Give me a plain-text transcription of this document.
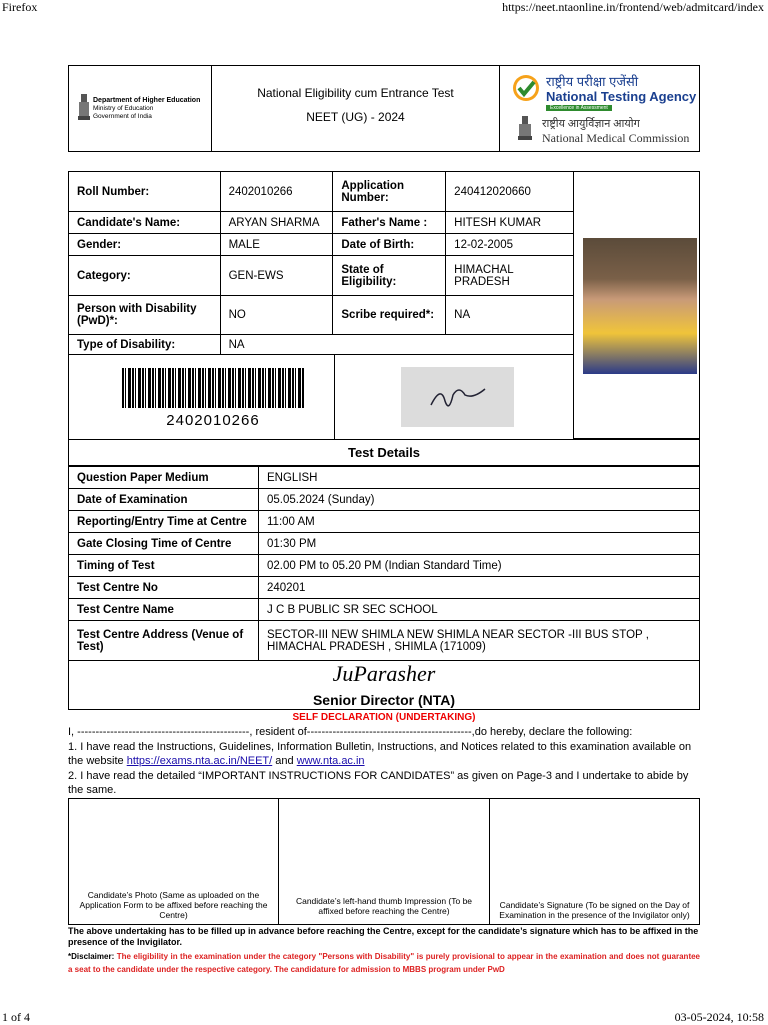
Firefox	https://neet.ntaonline.in/frontend/web/admitcard/index
Department of Higher Education
Ministry of Education
Government of India
National Eligibility cum Entrance Test
NEET (UG) - 2024
राष्ट्रीय परीक्षा एजेंसी
National Testing Agency
Excellence in Assessment
राष्ट्रीय आयुर्विज्ञान आयोग
National Medical Commission
Roll Number:	2402010266	Application Number:	240412020660
Candidate's Name:	ARYAN SHARMA	Father's Name :	HITESH KUMAR
Gender:	MALE	Date of Birth:	12-02-2005
Category:	GEN-EWS	State of Eligibility:	HIMACHAL PRADESH
Person with Disability (PwD)*:	NO	Scribe required*:	NA
Type of Disability:	NA		
2402010266
Test Details
Question Paper Medium	ENGLISH
Date of Examination	05.05.2024 (Sunday)
Reporting/Entry Time at Centre	11:00 AM
Gate Closing Time of Centre	01:30 PM
Timing of Test	02.00 PM to 05.20 PM (Indian Standard Time)
Test Centre No	240201
Test Centre Name	J C B PUBLIC SR SEC SCHOOL
Test Centre Address (Venue of Test)	SECTOR-III NEW SHIMLA NEW SHIMLA NEAR SECTOR -III BUS STOP , HIMACHAL PRADESH , SHIMLA (171009)
JuParasher
Senior Director (NTA)
SELF DECLARATION (UNDERTAKING)
I, -----------------------------------------------, resident of---------------------------------------------,do hereby, declare the following:
1. I have read the Instructions, Guidelines, Information Bulletin, Instructions, and Notices related to this examination available on the website https://exams.nta.ac.in/NEET/ and www.nta.ac.in
2. I have read the detailed “IMPORTANT INSTRUCTIONS FOR CANDIDATES” as given on Page-3 and I undertake to abide by the same.
Candidate’s Photo (Same as uploaded on the Application Form to be affixed before reaching the Centre)
Candidate’s left-hand thumb Impression (To be affixed before reaching the Centre)
Candidate’s Signature (To be signed on the Day of Examination in the presence of the Invigilator only)
The above undertaking has to be filled up in advance before reaching the Centre, except for the candidate’s signature which has to be affixed in the presence of the Invigilator.
*Disclaimer: The eligibility in the examination under the category "Persons with Disability" is purely provisional to appear in the examination and does not guarantee a seat to the candidate under the respective category. The candidature for admission to MBBS program under PwD
1 of 4	03-05-2024, 10:58
